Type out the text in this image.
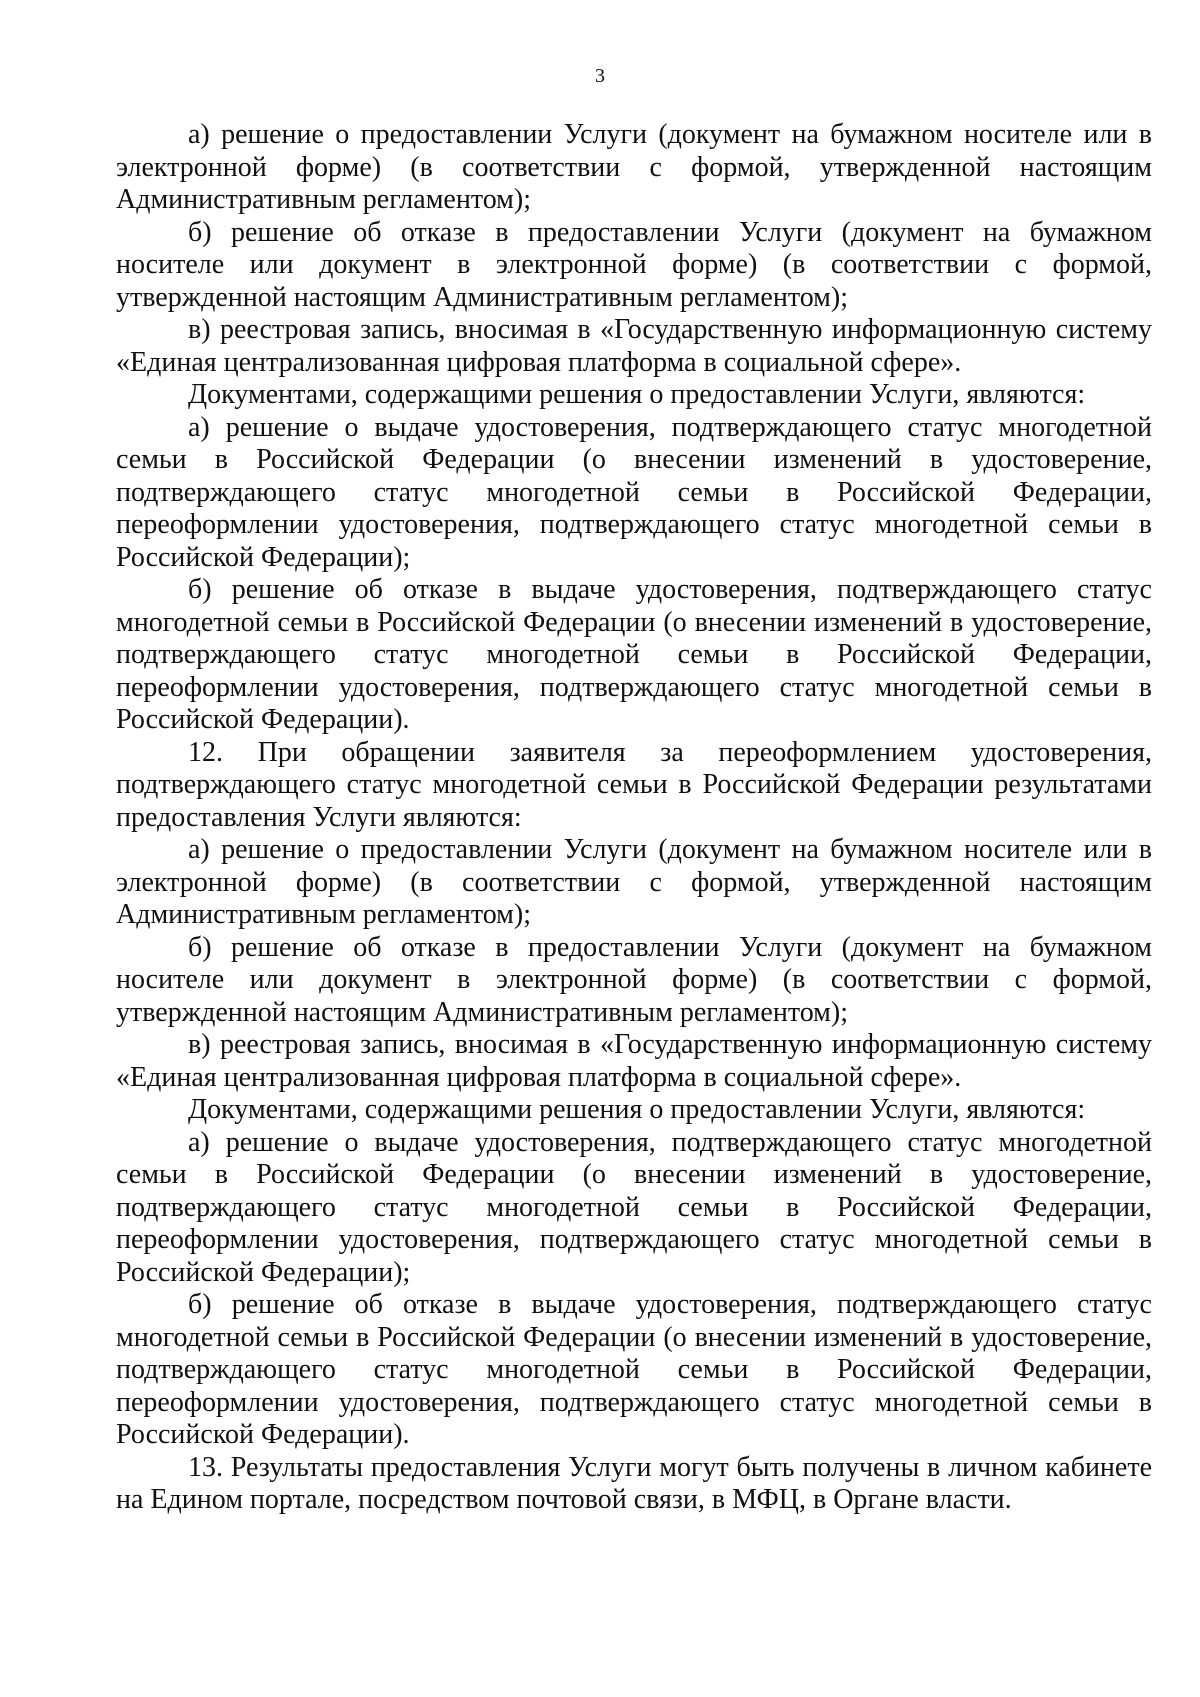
3

а) решение о предоставлении Услуги (документ на бумажном носителе или в электронной форме) (в соответствии с формой, утвержденной настоящим Административным регламентом);

б) решение об отказе в предоставлении Услуги (документ на бумажном носителе или документ в электронной форме) (в соответствии с формой, утвержденной настоящим Административным регламентом);

в) реестровая запись, вносимая в «Государственную информационную систему «Единая централизованная цифровая платформа в социальной сфере».

Документами, содержащими решения о предоставлении Услуги, являются:

а) решение о выдаче удостоверения, подтверждающего статус многодетной семьи в Российской Федерации (о внесении изменений в удостоверение, подтверждающего статус многодетной семьи в Российской Федерации, переоформлении удостоверения, подтверждающего статус многодетной семьи в Российской Федерации);

б) решение об отказе в выдаче удостоверения, подтверждающего статус многодетной семьи в Российской Федерации (о внесении изменений в удостоверение, подтверждающего статус многодетной семьи в Российской Федерации, переоформлении удостоверения, подтверждающего статус многодетной семьи в Российской Федерации).

12. При обращении заявителя за переоформлением удостоверения, подтверждающего статус многодетной семьи в Российской Федерации результатами предоставления Услуги являются:

а) решение о предоставлении Услуги (документ на бумажном носителе или в электронной форме) (в соответствии с формой, утвержденной настоящим Административным регламентом);

б) решение об отказе в предоставлении Услуги (документ на бумажном носителе или документ в электронной форме) (в соответствии с формой, утвержденной настоящим Административным регламентом);

в) реестровая запись, вносимая в «Государственную информационную систему «Единая централизованная цифровая платформа в социальной сфере».

Документами, содержащими решения о предоставлении Услуги, являются:

а) решение о выдаче удостоверения, подтверждающего статус многодетной семьи в Российской Федерации (о внесении изменений в удостоверение, подтверждающего статус многодетной семьи в Российской Федерации, переоформлении удостоверения, подтверждающего статус многодетной семьи в Российской Федерации);

б) решение об отказе в выдаче удостоверения, подтверждающего статус многодетной семьи в Российской Федерации (о внесении изменений в удостоверение, подтверждающего статус многодетной семьи в Российской Федерации, переоформлении удостоверения, подтверждающего статус многодетной семьи в Российской Федерации).

13. Результаты предоставления Услуги могут быть получены в личном кабинете на Едином портале, посредством почтовой связи, в МФЦ, в Органе власти.
